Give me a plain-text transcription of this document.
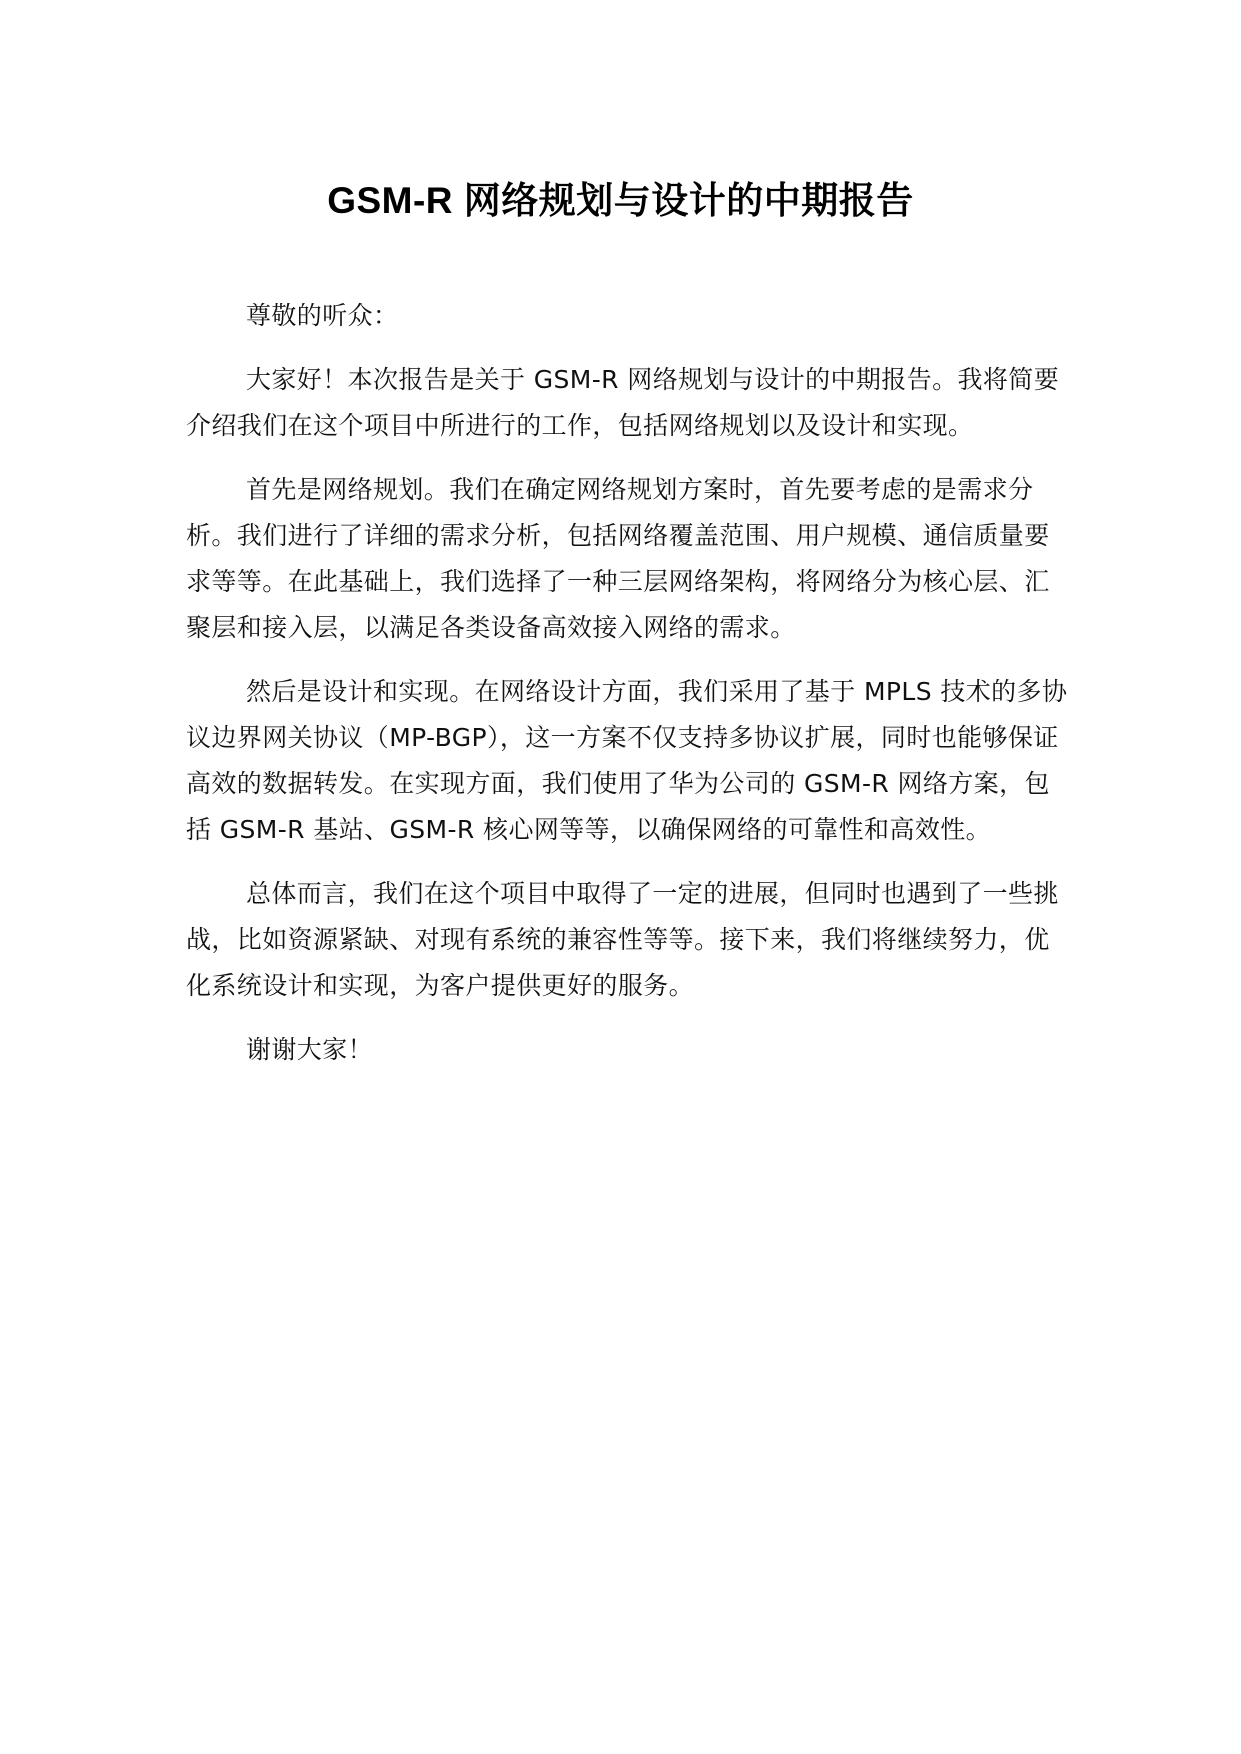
GSM-R 网络规划与设计的中期报告

尊敬的听众：

大家好！本次报告是关于 GSM-R 网络规划与设计的中期报告。我将简要介绍我们在这个项目中所进行的工作，包括网络规划以及设计和实现。

首先是网络规划。我们在确定网络规划方案时，首先要考虑的是需求分析。我们进行了详细的需求分析，包括网络覆盖范围、用户规模、通信质量要求等等。在此基础上，我们选择了一种三层网络架构，将网络分为核心层、汇聚层和接入层，以满足各类设备高效接入网络的需求。

然后是设计和实现。在网络设计方面，我们采用了基于 MPLS 技术的多协议边界网关协议（MP-BGP），这一方案不仅支持多协议扩展，同时也能够保证高效的数据转发。在实现方面，我们使用了华为公司的 GSM-R 网络方案，包括 GSM-R 基站、GSM-R 核心网等等，以确保网络的可靠性和高效性。

总体而言，我们在这个项目中取得了一定的进展，但同时也遇到了一些挑战，比如资源紧缺、对现有系统的兼容性等等。接下来，我们将继续努力，优化系统设计和实现，为客户提供更好的服务。

谢谢大家！
